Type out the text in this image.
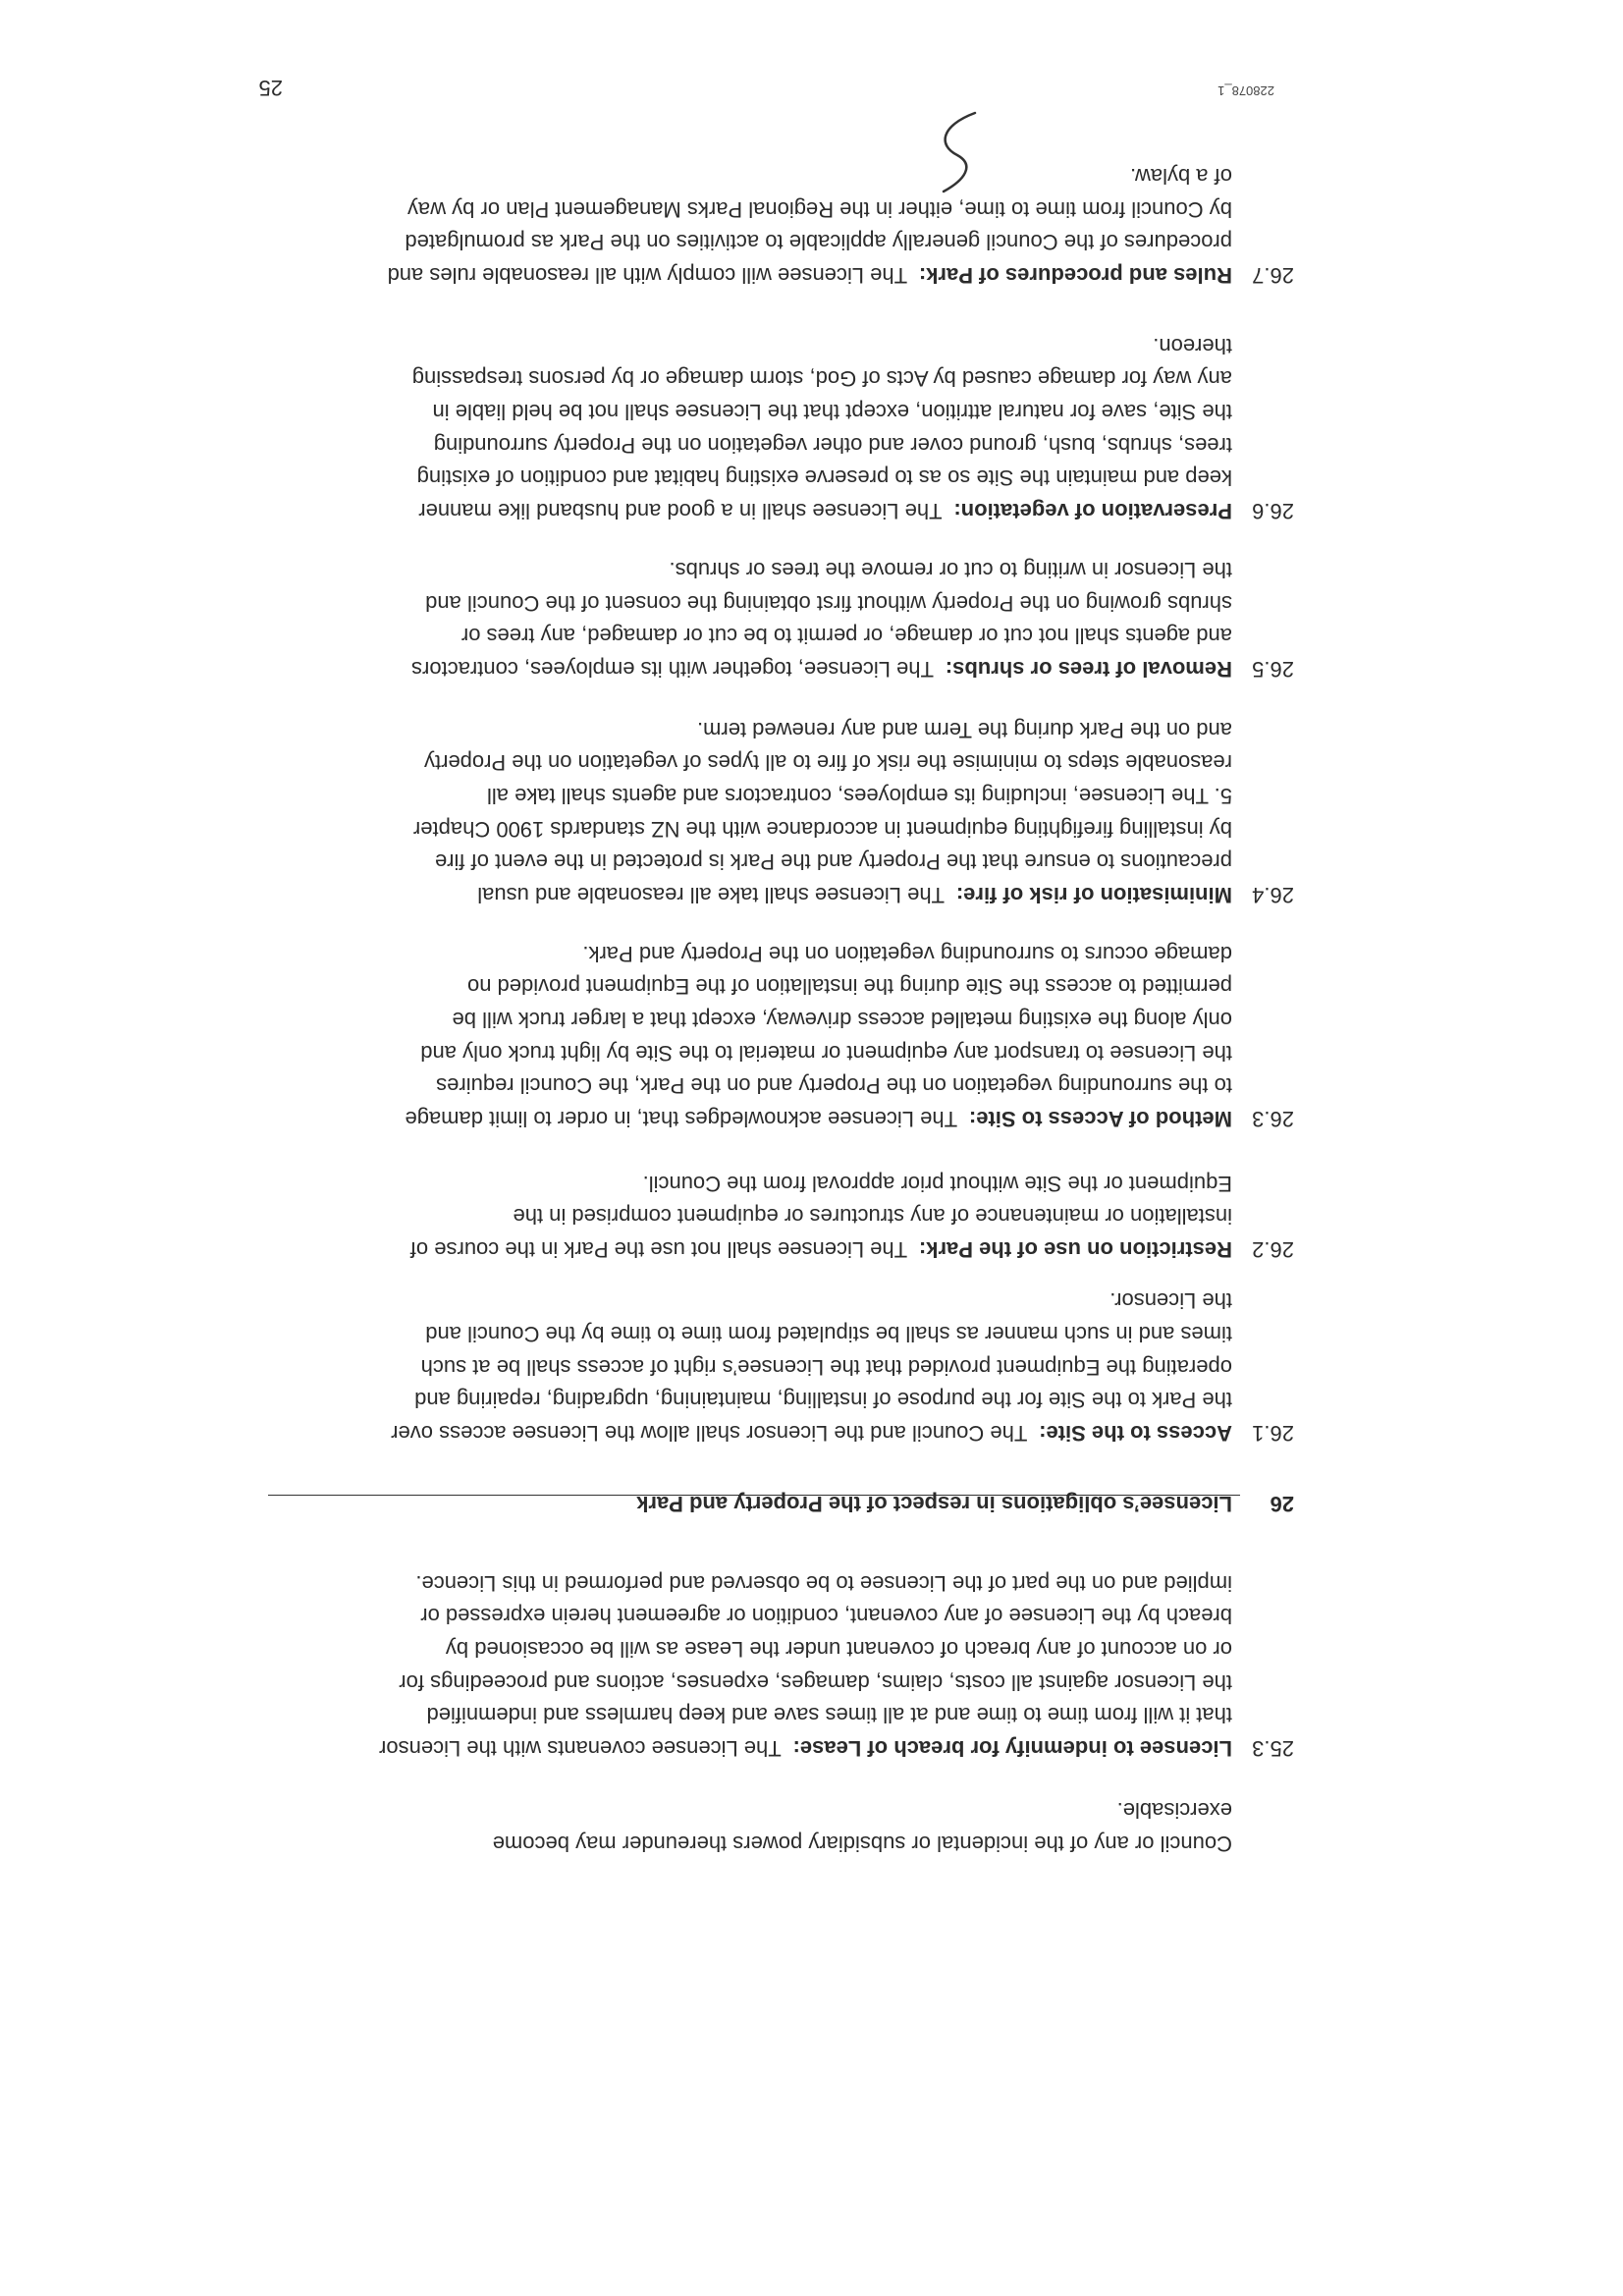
Council or any of the incidental or subsidiary powers thereunder may become
exercisable.
228078_1
25
25.3
Licensee to indemnify for breach of Lease:  The Licensee covenants with the Licensor
that it will from time to time and at all times save and keep harmless and indemnified
the Licensor against all costs, claims, damages, expenses, actions and proceedings for
or on account of any breach of covenant under the Lease as will be occasioned by
breach by the Licensee of any covenant, condition or agreement herein expressed or
implied and on the part of the Licensee to be observed and performed in this Licence.
26
Licensee’s obligations in respect of the Property and Park
26.1
Access to the Site:  The Council and the Licensor shall allow the Licensee access over
the Park to the Site for the purpose of installing, maintaining, upgrading, repairing and
operating the Equipment provided that the Licensee’s right of access shall be at such
times and in such manner as shall be stipulated from time to time by the Council and
the Licensor.
26.2
Restriction on use of the Park:  The Licensee shall not use the Park in the course of
installation or maintenance of any structures or equipment comprised in the
Equipment or the Site without prior approval from the Council.
26.3
Method of Access to Site:  The Licensee acknowledges that, in order to limit damage
to the surrounding vegetation on the Property and on the Park, the Council requires
the Licensee to transport any equipment or material to the Site by light truck only and
only along the existing metalled access driveway, except that a larger truck will be
permitted to access the Site during the installation of the Equipment provided no
damage occurs to surrounding vegetation on the Property and Park.
26.4
Minimisation of risk of fire:  The Licensee shall take all reasonable and usual
precautions to ensure that the Property and the Park is protected in the event of fire
by installing firefighting equipment in accordance with the NZ standards 1900 Chapter
5. The Licensee, including its employees, contractors and agents shall take all
reasonable steps to minimise the risk of fire to all types of vegetation on the Property
and on the Park during the Term and any renewed term.
26.5
Removal of trees or shrubs:  The Licensee, together with its employees, contractors
and agents shall not cut or damage, or permit to be cut or damaged, any trees or
shrubs growing on the Property without first obtaining the consent of the Council and
the Licensor in writing to cut or remove the trees or shrubs.
26.6
Preservation of vegetation:  The Licensee shall in a good and husband like manner
keep and maintain the Site so as to preserve existing habitat and condition of existing
trees, shrubs, bush, ground cover and other vegetation on the Property surrounding
the Site, save for natural attrition, except that the Licensee shall not be held liable in
any way for damage caused by Acts of God, storm damage or by persons trespassing
thereon.
26.7
Rules and procedures of Park:  The Licensee will comply with all reasonable rules and
procedures of the Council generally applicable to activities on the Park as promulgated
by Council from time to time, either in the Regional Parks Management Plan or by way
of a bylaw.
